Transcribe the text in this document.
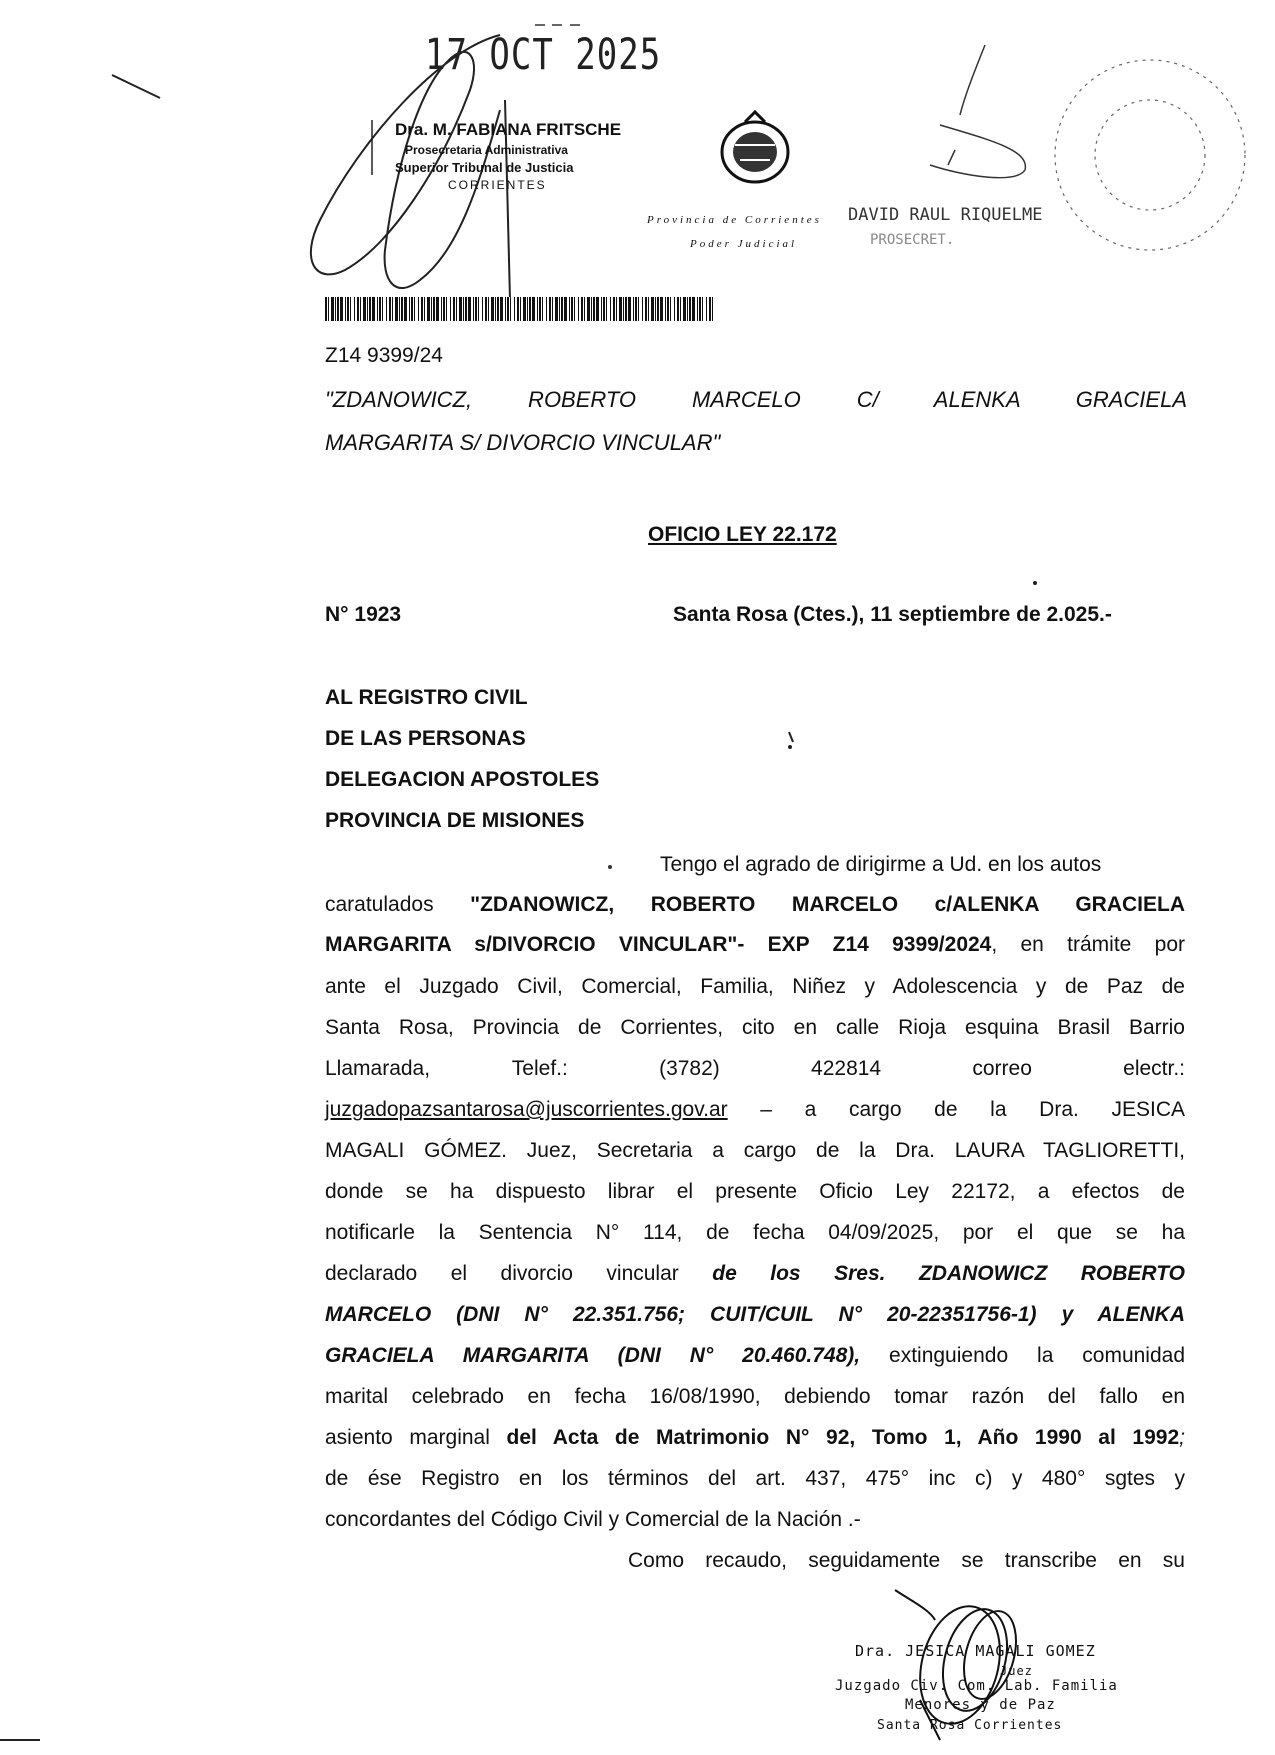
17 OCT 2025
Dra. M. FABIANA FRITSCHE
Prosecretaria Administrativa
Superior Tribunal de Justicia
CORRIENTES
Provincia de Corrientes
Poder Judicial
DAVID RAUL RIQUELME
PROSECRET.
Z14 9399/24
"ZDANOWICZ, ROBERTO MARCELO C/ ALENKA GRACIELA
MARGARITA S/ DIVORCIO VINCULAR"
OFICIO LEY 22.172
N° 1923	Santa Rosa (Ctes.), 11 septiembre de 2.025.-
AL REGISTRO CIVIL
DE LAS PERSONAS
DELEGACION APOSTOLES
PROVINCIA DE MISIONES
Tengo el agrado de dirigirme a Ud. en los autos
caratulados "ZDANOWICZ, ROBERTO MARCELO c/ALENKA GRACIELA
MARGARITA s/DIVORCIO VINCULAR"- EXP Z14 9399/2024, en trámite por
ante el Juzgado Civil, Comercial, Familia, Niñez y Adolescencia y de Paz de
Santa Rosa, Provincia de Corrientes, cito en calle Rioja esquina Brasil Barrio
Llamarada,         Telef.:          (3782)          422814          correo          electr.:
juzgadopazsantarosa@juscorrientes.gov.ar  –  a  cargo  de  la  Dra.  JESICA
MAGALI GÓMEZ. Juez, Secretaria a cargo de la Dra. LAURA TAGLIORETTI,
donde se ha dispuesto librar el presente Oficio Ley 22172, a efectos de
notificarle la Sentencia N° 114, de fecha 04/09/2025, por el que se ha
declarado el divorcio vincular de los Sres. ZDANOWICZ ROBERTO
MARCELO (DNI N° 22.351.756; CUIT/CUIL N° 20-22351756-1) y ALENKA
GRACIELA MARGARITA (DNI N° 20.460.748), extinguiendo la comunidad
marital celebrado en fecha 16/08/1990, debiendo tomar razón del fallo en
asiento marginal del Acta de Matrimonio N° 92, Tomo 1, Año 1990 al 1992;
de ése Registro en los términos del art. 437, 475° inc c) y 480° sgtes y
concordantes del Código Civil y Comercial de la Nación .-
Como recaudo, seguidamente se transcribe en su
Dra. JESICA MAGALI GOMEZ
Juez
Juzgado Civ. Com. Lab. Familia
Menores y de Paz
Santa Rosa Corrientes
